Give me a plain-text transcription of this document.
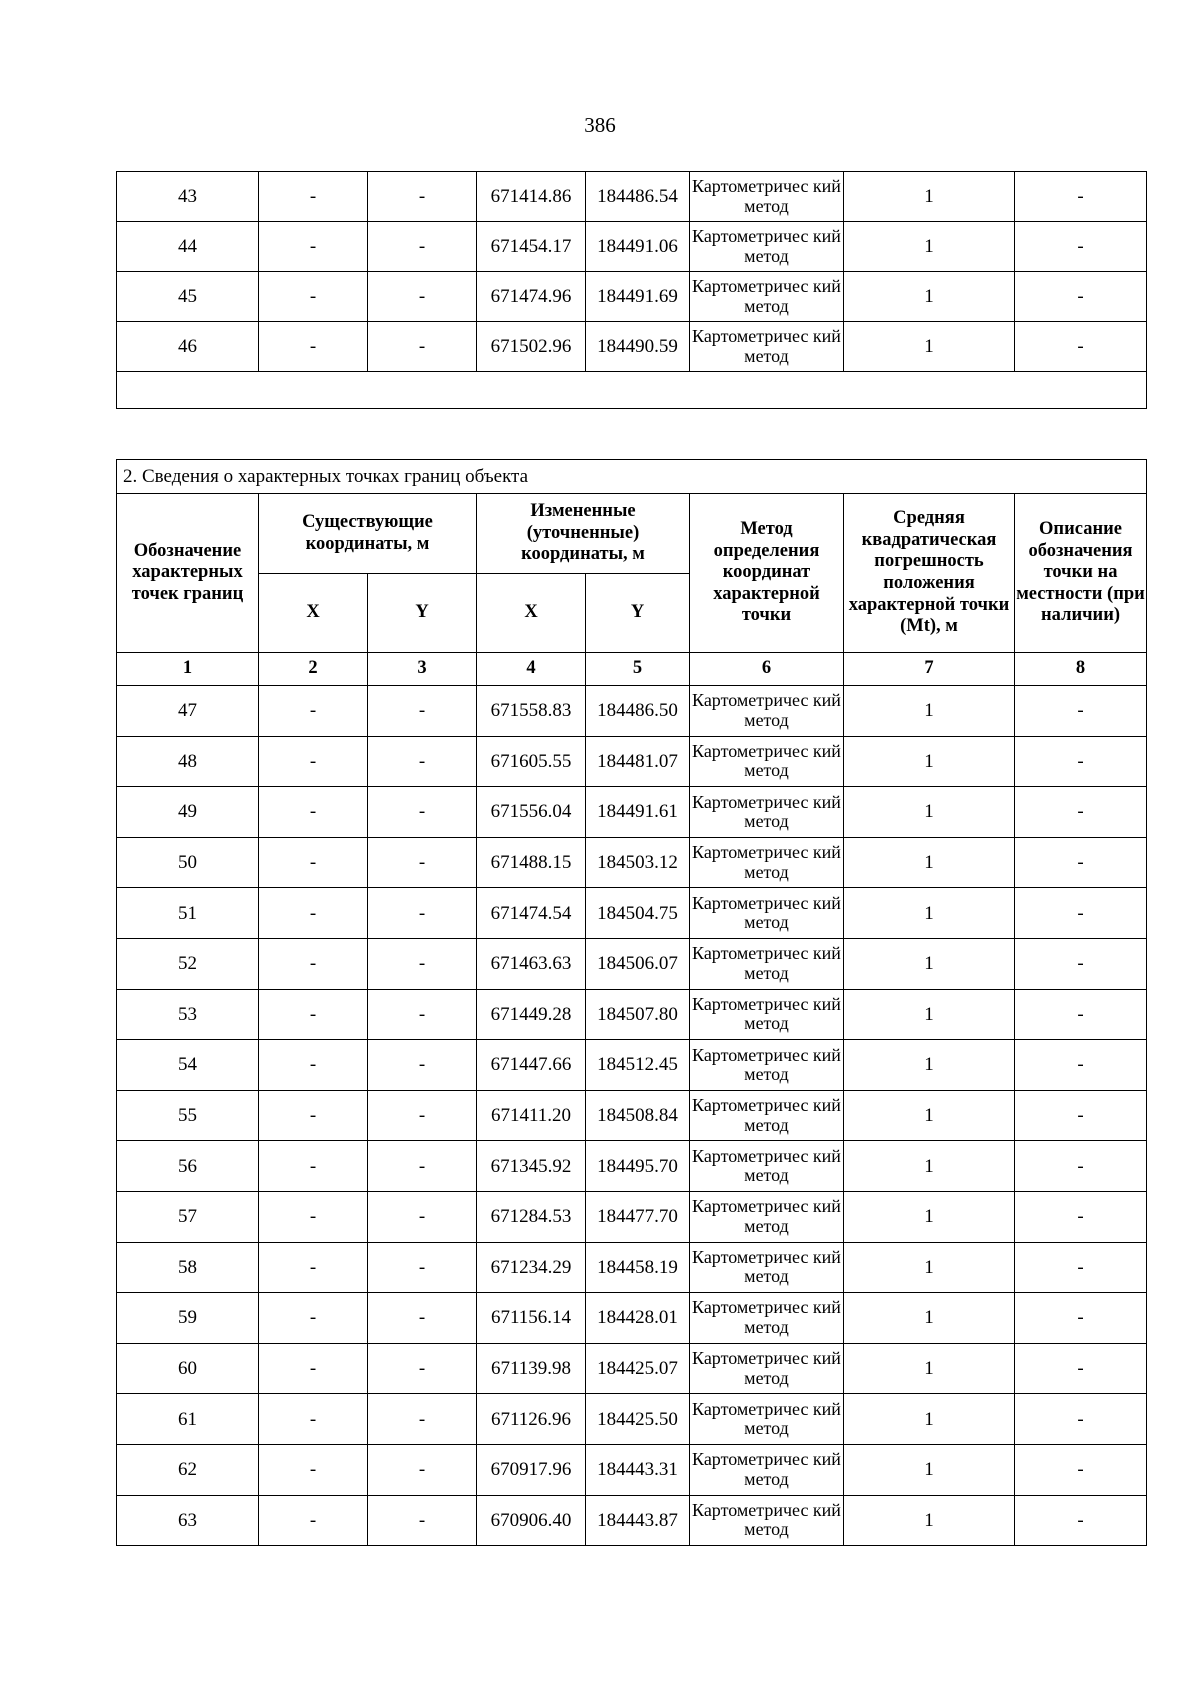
386
43	-	-	671414.86	184486.54	Картометричес кий метод	1	-
44	-	-	671454.17	184491.06	Картометричес кий метод	1	-
45	-	-	671474.96	184491.69	Картометричес кий метод	1	-
46	-	-	671502.96	184490.59	Картометричес кий метод	1	-

2. Сведения о характерных точках границ объекта							
Обозначение характерных точек границ	Существующие координаты, м		Измененные (уточненные) координаты, м		Метод определения координат характерной точки	Средняя квадратическая погрешность положения характерной точки (Mt), м	Описание обозначения точки на местности (при наличии)
	X	Y	X	Y			
1	2	3	4	5	6	7	8
47	-	-	671558.83	184486.50	Картометричес кий метод	1	-
48	-	-	671605.55	184481.07	Картометричес кий метод	1	-
49	-	-	671556.04	184491.61	Картометричес кий метод	1	-
50	-	-	671488.15	184503.12	Картометричес кий метод	1	-
51	-	-	671474.54	184504.75	Картометричес кий метод	1	-
52	-	-	671463.63	184506.07	Картометричес кий метод	1	-
53	-	-	671449.28	184507.80	Картометричес кий метод	1	-
54	-	-	671447.66	184512.45	Картометричес кий метод	1	-
55	-	-	671411.20	184508.84	Картометричес кий метод	1	-
56	-	-	671345.92	184495.70	Картометричес кий метод	1	-
57	-	-	671284.53	184477.70	Картометричес кий метод	1	-
58	-	-	671234.29	184458.19	Картометричес кий метод	1	-
59	-	-	671156.14	184428.01	Картометричес кий метод	1	-
60	-	-	671139.98	184425.07	Картометричес кий метод	1	-
61	-	-	671126.96	184425.50	Картометричес кий метод	1	-
62	-	-	670917.96	184443.31	Картометричес кий метод	1	-
63	-	-	670906.40	184443.87	Картометричес кий метод	1	-
